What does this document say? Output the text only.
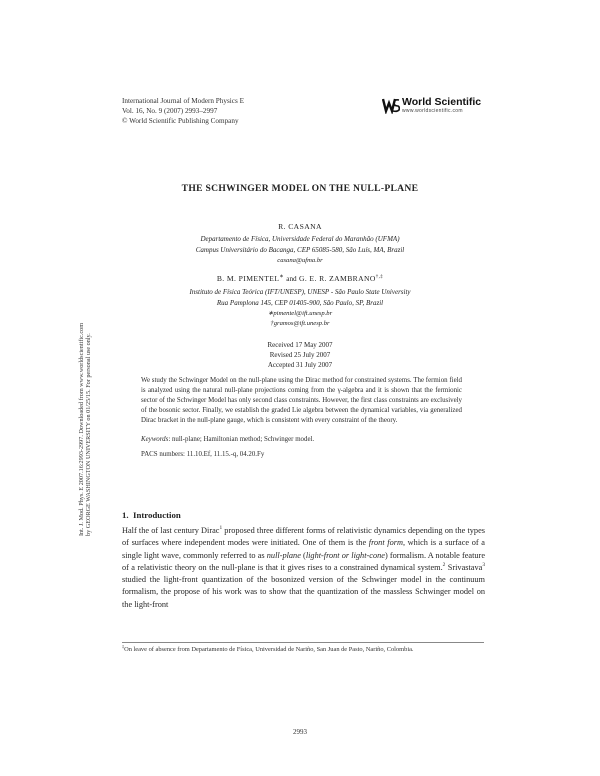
International Journal of Modern Physics E
Vol. 16, No. 9 (2007) 2993–2997
© World Scientific Publishing Company
World Scientific
www.worldscientific.com
Int. J. Mod. Phys. E 2007.16:2993-2997. Downloaded from www.worldscientific.com by GEORGE WASHINGTON UNIVERSITY on 01/25/15. For personal use only.
THE SCHWINGER MODEL ON THE NULL-PLANE
R. CASANA
Departamento de Física, Universidade Federal do Maranhão (UFMA)
Campus Universitário do Bacanga, CEP 65085-580, São Luís, MA, Brazil
casana@ufma.br
B. M. PIMENTEL∗ and G. E. R. ZAMBRANO†,‡
Instituto de Física Teórica (IFT/UNESP), UNESP - São Paulo State University
Rua Pamplona 145, CEP 01405-900, São Paulo, SP, Brazil
∗pimentel@ift.unesp.br
†gramos@ift.unesp.br
Received 17 May 2007
Revised 25 July 2007
Accepted 31 July 2007
We study the Schwinger Model on the null-plane using the Dirac method for constrained systems. The fermion field is analyzed using the natural null-plane projections coming from the γ-algebra and it is shown that the fermionic sector of the Schwinger Model has only second class constraints. However, the first class constraints are exclusively of the bosonic sector. Finally, we establish the graded Lie algebra between the dynamical variables, via generalized Dirac bracket in the null-plane gauge, which is consistent with every constraint of the theory.
Keywords: null-plane; Hamiltonian method; Schwinger model.
PACS numbers: 11.10.Ef, 11.15.-q, 04.20.Fy
1. Introduction
Half the of last century Dirac$^1$ proposed three different forms of relativistic dynamics depending on the types of surfaces where independent modes were initiated. One of them is the front form, which is a surface of a single light wave, commonly referred to as null-plane (light-front or light-cone) formalism. A notable feature of a relativistic theory on the null-plane is that it gives rises to a constrained dynamical system.$^2$ Srivastava$^3$ studied the light-front quantization of the bosonized version of the Schwinger model in the continuum formalism, the propose of his work was to show that the quantization of the massless Schwinger model on the light-front
‡On leave of absence from Departamento de Física, Universidad de Nariño, San Juan de Pasto, Nariño, Colombia.
2993
